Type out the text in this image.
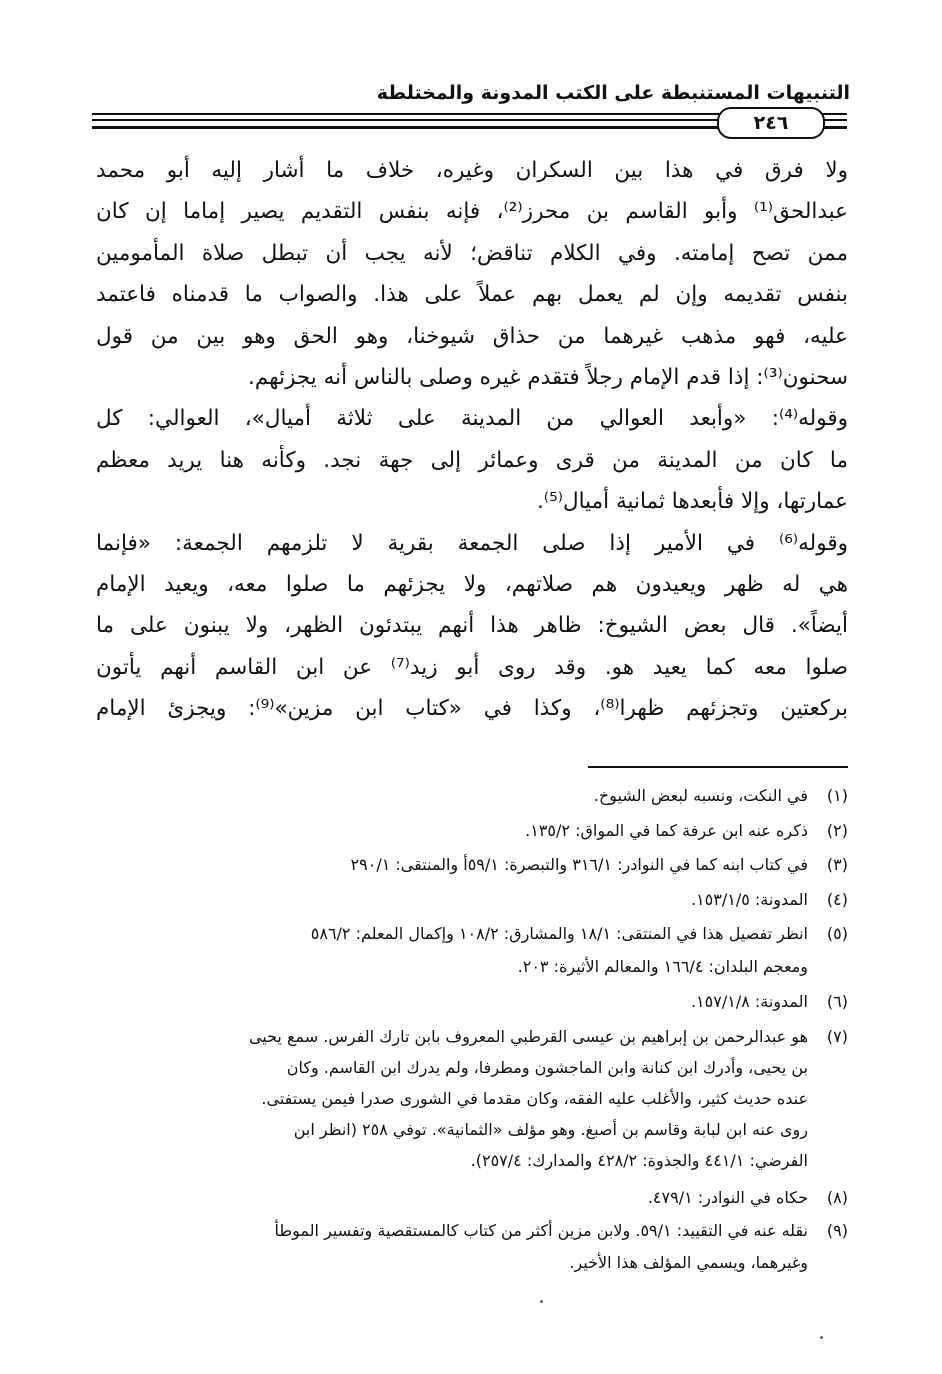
التنبيهات المستنبطة على الكتب المدونة والمختلطة
٢٤٦
ولا فرق في هذا بين السكران وغيره، خلاف ما أشار إليه أبو محمد
عبدالحق⁽¹⁾ وأبو القاسم بن محرز⁽²⁾، فإنه بنفس التقديم يصير إماما إن كان
ممن تصح إمامته. وفي الكلام تناقض؛ لأنه يجب أن تبطل صلاة المأمومين
بنفس تقديمه وإن لم يعمل بهم عملاً على هذا. والصواب ما قدمناه فاعتمد
عليه، فهو مذهب غيرهما من حذاق شيوخنا، وهو الحق وهو بين من قول
سحنون⁽³⁾: إذا قدم الإمام رجلاً فتقدم غيره وصلى بالناس أنه يجزئهم.
وقوله⁽⁴⁾: «وأبعد العوالي من المدينة على ثلاثة أميال»، العوالي: كل
ما كان من المدينة من قرى وعمائر إلى جهة نجد. وكأنه هنا يريد معظم
عمارتها، وإلا فأبعدها ثمانية أميال⁽⁵⁾.
وقوله⁽⁶⁾ في الأمير إذا صلى الجمعة بقرية لا تلزمهم الجمعة: «فإنما
هي له ظهر ويعيدون هم صلاتهم، ولا يجزئهم ما صلوا معه، ويعيد الإمام
أيضاً». قال بعض الشيوخ: ظاهر هذا أنهم يبتدئون الظهر، ولا يبنون على ما
صلوا معه كما يعيد هو. وقد روى أبو زيد⁽⁷⁾ عن ابن القاسم أنهم يأتون
بركعتين وتجزئهم ظهرا⁽⁸⁾، وكذا في «كتاب ابن مزين»⁽⁹⁾: ويجزئ الإمام
(١)
في النكت، ونسبه لبعض الشيوخ.
(٢)
ذكره عنه ابن عرفة كما في المواق: ١٣٥/٢.
(٣)
في كتاب ابنه كما في النوادر: ٣١٦/١ والتبصرة: ٥٩/١أ والمنتقى: ٢٩٠/١
(٤)
المدونة: ١٥٣/١/٥.
(٥)
انظر تفصيل هذا في المنتقى: ١٨/١ والمشارق: ١٠٨/٢ وإكمال المعلم: ٥٨٦/٢
ومعجم البلدان: ١٦٦/٤ والمعالم الأثيرة: ٢٠٣.
(٦)
المدونة: ١٥٧/١/٨.
(٧)
هو عبدالرحمن بن إبراهيم بن عيسى القرطبي المعروف بابن تارك الفرس. سمع يحيى
بن يحيى، وأدرك ابن كنانة وابن الماجشون ومطرفا، ولم يدرك ابن القاسم. وكان
عنده حديث كثير، والأغلب عليه الفقه، وكان مقدما في الشورى صدرا فيمن يستفتى.
روى عنه ابن لبابة وقاسم بن أصبغ. وهو مؤلف «الثمانية». توفي ٢٥٨ (انظر ابن
الفرضي: ٤٤١/١ والجذوة: ٤٢٨/٢ والمدارك: ٢٥٧/٤).
(٨)
حكاه في النوادر: ٤٧٩/١.
(٩)
نقله عنه في التقييد: ٥٩/١. ولابن مزين أكثر من كتاب كالمستقصية وتفسير الموطأ
وغيرهما، ويسمي المؤلف هذا الأخير.
